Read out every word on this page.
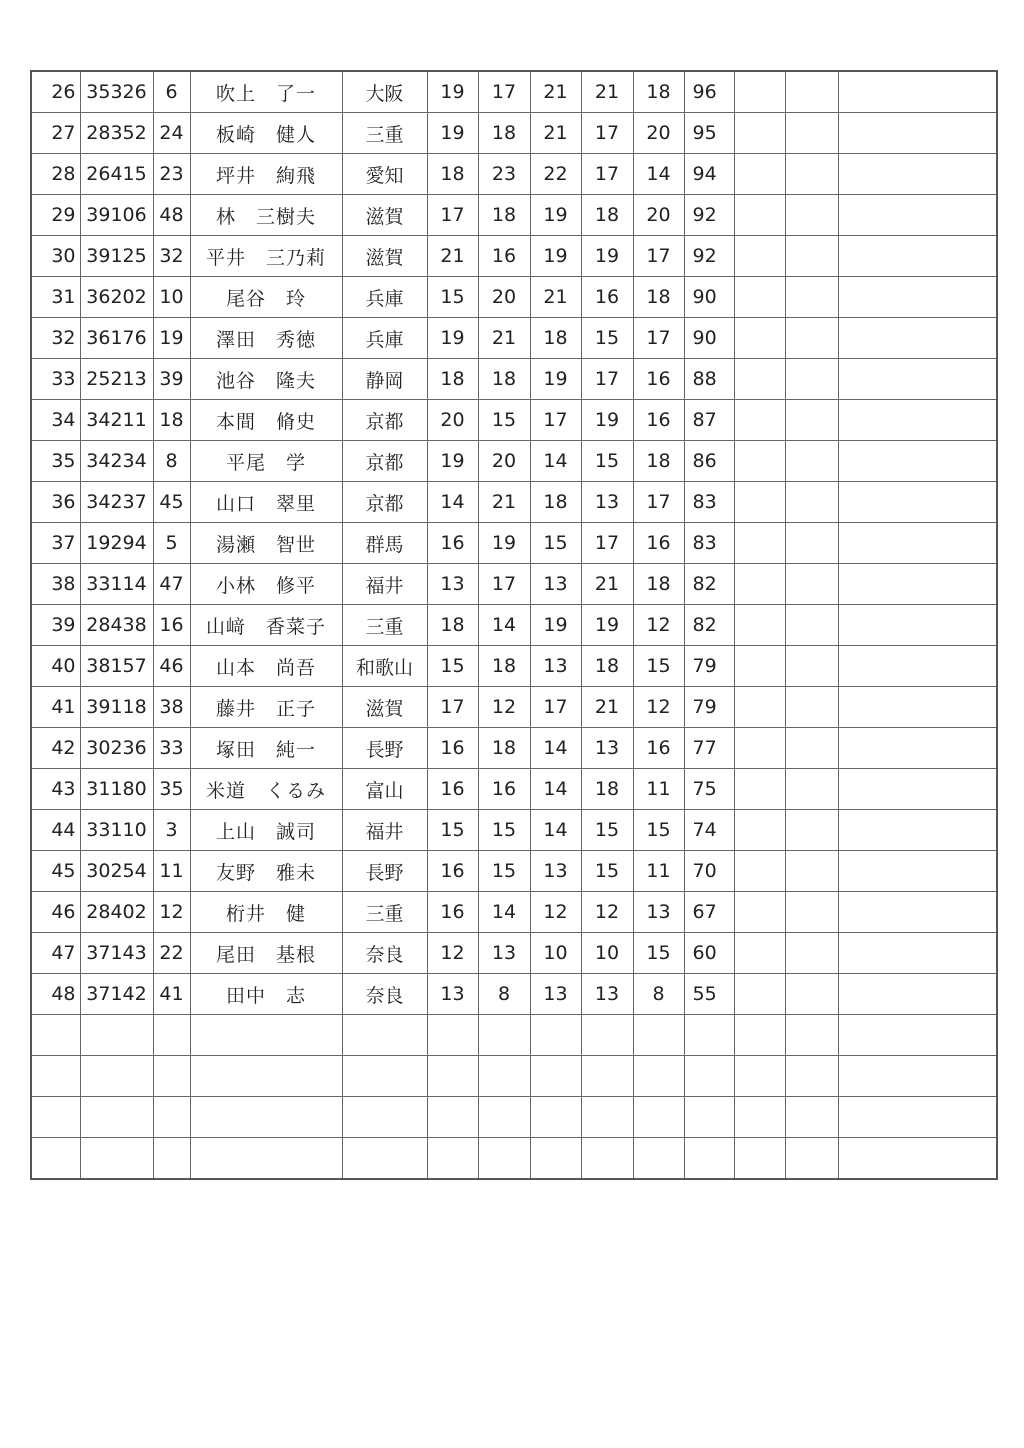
26	35326	6	吹上　了一	大阪	19	17	21	21	18	96			
27	28352	24	板崎　健人	三重	19	18	21	17	20	95			
28	26415	23	坪井　絢飛	愛知	18	23	22	17	14	94			
29	39106	48	林　三樹夫	滋賀	17	18	19	18	20	92			
30	39125	32	平井　三乃莉	滋賀	21	16	19	19	17	92			
31	36202	10	尾谷　玲	兵庫	15	20	21	16	18	90			
32	36176	19	澤田　秀徳	兵庫	19	21	18	15	17	90			
33	25213	39	池谷　隆夫	静岡	18	18	19	17	16	88			
34	34211	18	本間　脩史	京都	20	15	17	19	16	87			
35	34234	8	平尾　学	京都	19	20	14	15	18	86			
36	34237	45	山口　翠里	京都	14	21	18	13	17	83			
37	19294	5	湯瀬　智世	群馬	16	19	15	17	16	83			
38	33114	47	小林　修平	福井	13	17	13	21	18	82			
39	28438	16	山﨑　香菜子	三重	18	14	19	19	12	82			
40	38157	46	山本　尚吾	和歌山	15	18	13	18	15	79			
41	39118	38	藤井　正子	滋賀	17	12	17	21	12	79			
42	30236	33	塚田　純一	長野	16	18	14	13	16	77			
43	31180	35	米道　くるみ	富山	16	16	14	18	11	75			
44	33110	3	上山　誠司	福井	15	15	14	15	15	74			
45	30254	11	友野　雅未	長野	16	15	13	15	11	70			
46	28402	12	桁井　健	三重	16	14	12	12	13	67			
47	37143	22	尾田　基根	奈良	12	13	10	10	15	60			
48	37142	41	田中　志	奈良	13	8	13	13	8	55			
